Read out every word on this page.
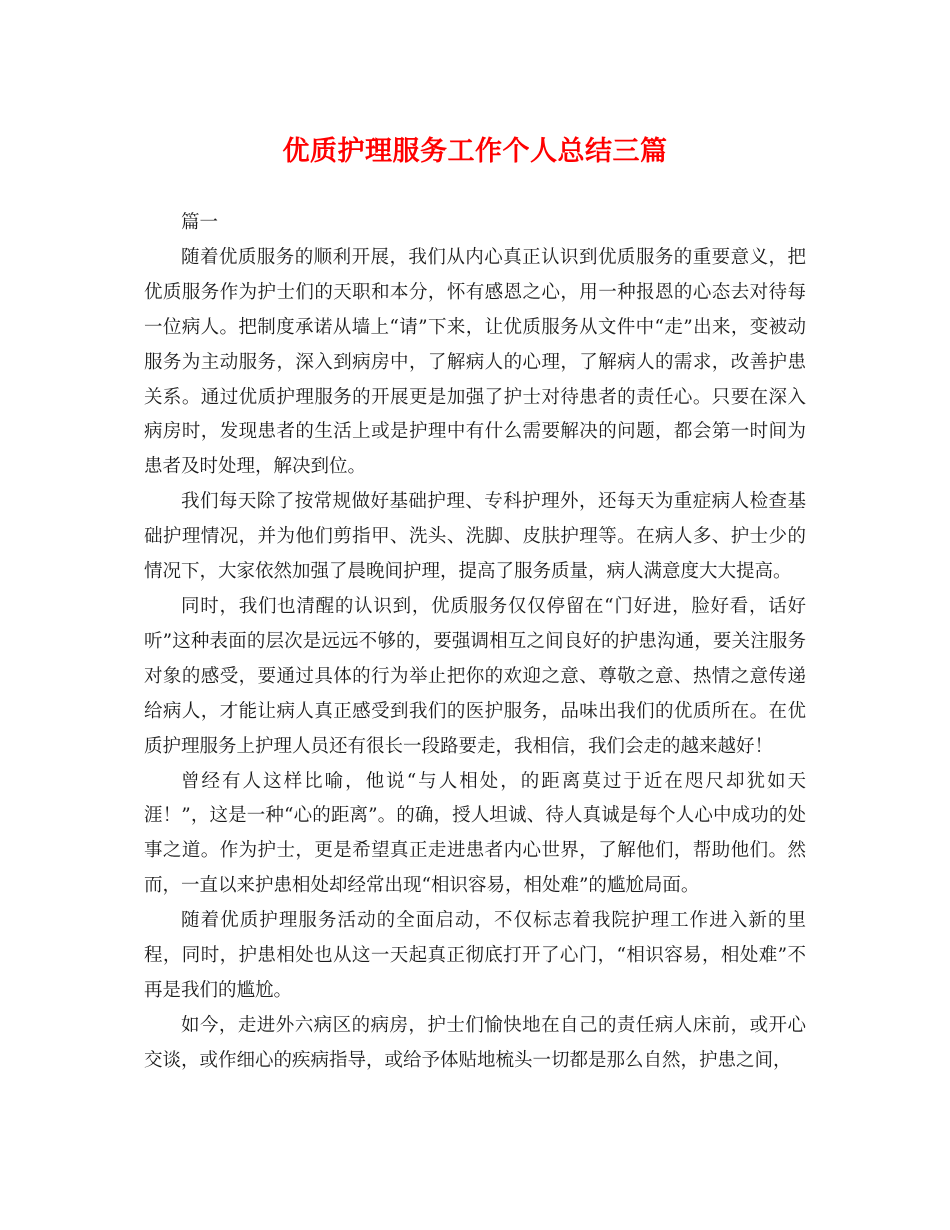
优质护理服务工作个人总结三篇

篇一

随着优质服务的顺利开展，我们从内心真正认识到优质服务的重要意义，把优质服务作为护士们的天职和本分，怀有感恩之心，用一种报恩的心态去对待每一位病人。把制度承诺从墙上“请”下来，让优质服务从文件中“走”出来，变被动服务为主动服务，深入到病房中，了解病人的心理，了解病人的需求，改善护患关系。通过优质护理服务的开展更是加强了护士对待患者的责任心。只要在深入病房时，发现患者的生活上或是护理中有什么需要解决的问题，都会第一时间为患者及时处理，解决到位。

我们每天除了按常规做好基础护理、专科护理外，还每天为重症病人检查基础护理情况，并为他们剪指甲、洗头、洗脚、皮肤护理等。在病人多、护士少的情况下，大家依然加强了晨晚间护理，提高了服务质量，病人满意度大大提高。

同时，我们也清醒的认识到，优质服务仅仅停留在“门好进，脸好看，话好听”这种表面的层次是远远不够的，要强调相互之间良好的护患沟通，要关注服务对象的感受，要通过具体的行为举止把你的欢迎之意、尊敬之意、热情之意传递给病人，才能让病人真正感受到我们的医护服务，品味出我们的优质所在。在优质护理服务上护理人员还有很长一段路要走，我相信，我们会走的越来越好！

曾经有人这样比喻，他说“与人相处，的距离莫过于近在咫尺却犹如天涯！”，这是一种“心的距离”。的确，授人坦诚、待人真诚是每个人心中成功的处事之道。作为护士，更是希望真正走进患者内心世界，了解他们，帮助他们。然而，一直以来护患相处却经常出现“相识容易，相处难”的尴尬局面。

随着优质护理服务活动的全面启动，不仅标志着我院护理工作进入新的里程，同时，护患相处也从这一天起真正彻底打开了心门，“相识容易，相处难”不再是我们的尴尬。

如今，走进外六病区的病房，护士们愉快地在自己的责任病人床前，或开心交谈，或作细心的疾病指导，或给予体贴地梳头一切都是那么自然，护患之间，
